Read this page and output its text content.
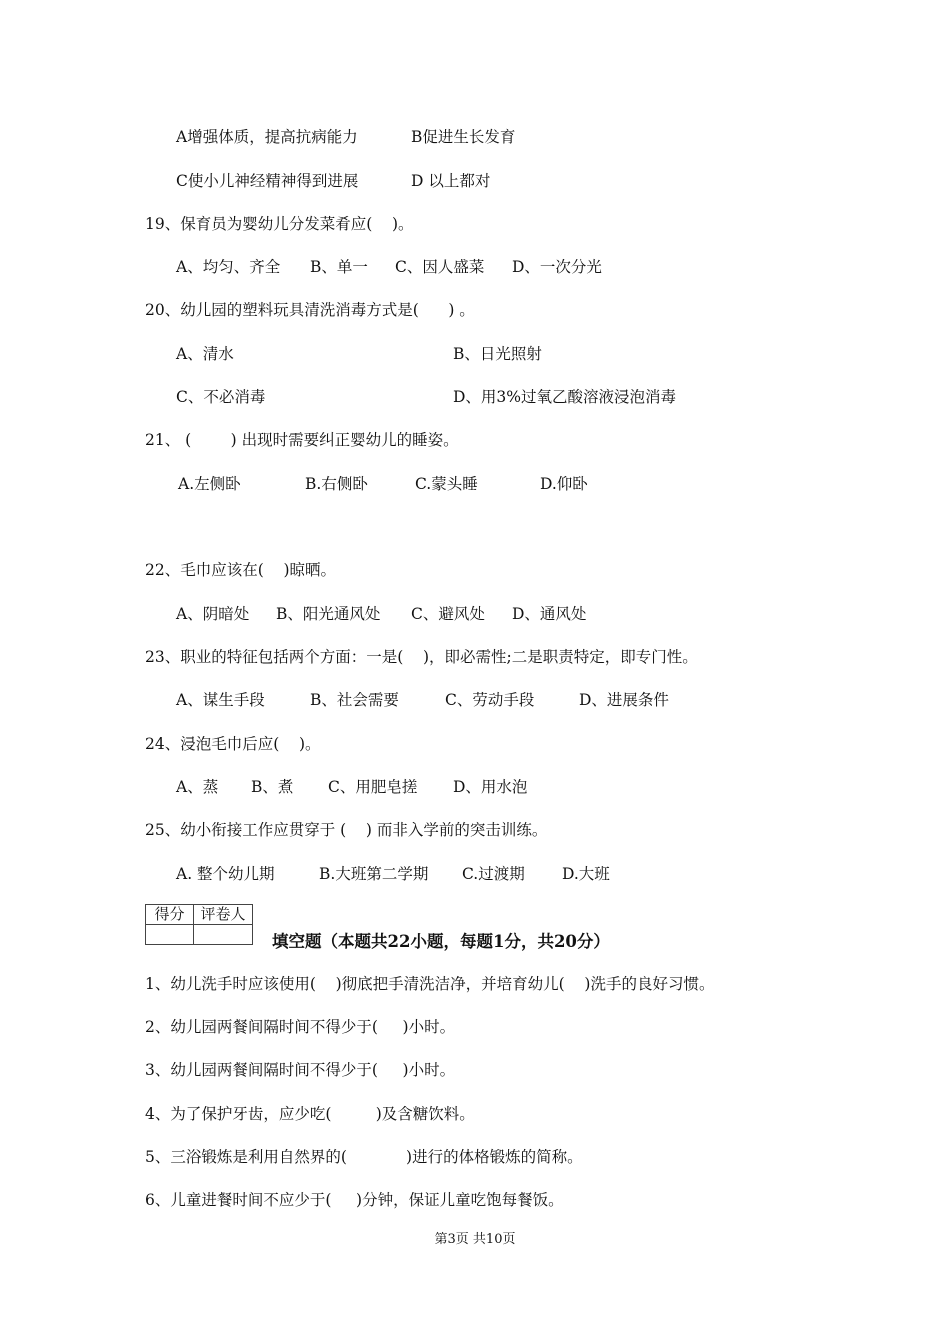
A增强体质，提高抗病能力	B促进生长发育
C使小儿神经精神得到进展	D 以上都对
19、保育员为婴幼儿分发菜肴应(    )。
A、均匀、齐全 B、单一 C、因人盛菜 D、一次分光
20、幼儿园的塑料玩具清洗消毒方式是(      ) 。
A、清水	B、日光照射
C、不必消毒	D、用3%过氧乙酸溶液浸泡消毒
21、 (        ) 出现时需要纠正婴幼儿的睡姿。
A.左侧卧	B.右侧卧	C.蒙头睡	D.仰卧
22、毛巾应该在(    )晾晒。
A、阴暗处 B、阳光通风处 C、避风处 D、通风处
23、职业的特征包括两个方面：一是(    )，即必需性;二是职责特定，即专门性。
A、谋生手段	B、社会需要	C、劳动手段	D、进展条件
24、浸泡毛巾后应(    )。
A、蒸 B、煮 C、用肥皂搓 D、用水泡
25、幼小衔接工作应贯穿于 (    ) 而非入学前的突击训练。
A. 整个幼儿期	B.大班第二学期 C.过渡期 D.大班
得分	评卷人

填空题（本题共22小题，每题1分，共20分）
1、幼儿洗手时应该使用(    )彻底把手清洗洁净，并培育幼儿(    )洗手的良好习惯。
2、幼儿园两餐间隔时间不得少于(     )小时。
3、幼儿园两餐间隔时间不得少于(     )小时。
4、为了保护牙齿，应少吃(         )及含糖饮料。
5、三浴锻炼是利用自然界的(            )进行的体格锻炼的简称。
6、儿童进餐时间不应少于(     )分钟，保证儿童吃饱每餐饭。
第3页 共10页
